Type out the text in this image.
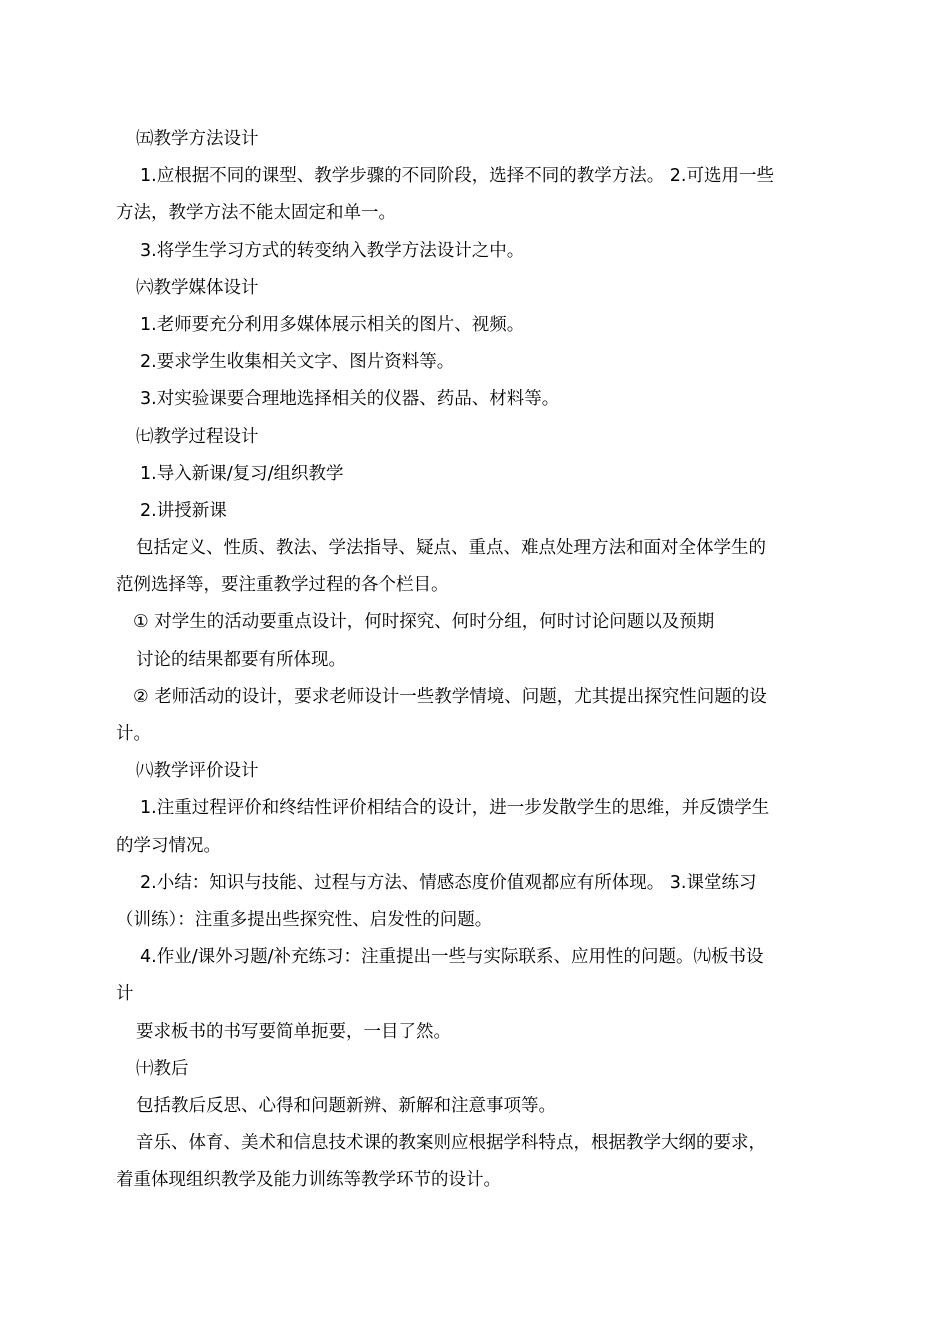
㈤教学方法设计
1.应根据不同的课型、教学步骤的不同阶段，选择不同的教学方法。 2.可选用一些
方法，教学方法不能太固定和单一。
3.将学生学习方式的转变纳入教学方法设计之中。
㈥教学媒体设计
1.老师要充分利用多媒体展示相关的图片、视频。
2.要求学生收集相关文字、图片资料等。
3.对实验课要合理地选择相关的仪器、药品、材料等。
㈦教学过程设计
1.导入新课/复习/组织教学
2.讲授新课
包括定义、性质、教法、学法指导、疑点、重点、难点处理方法和面对全体学生的
范例选择等，要注重教学过程的各个栏目。
① 对学生的活动要重点设计，何时探究、何时分组，何时讨论问题以及预期
讨论的结果都要有所体现。
② 老师活动的设计，要求老师设计一些教学情境、问题，尤其提出探究性问题的设
计。
㈧教学评价设计
1.注重过程评价和终结性评价相结合的设计，进一步发散学生的思维，并反馈学生
的学习情况。
2.小结：知识与技能、过程与方法、情感态度价值观都应有所体现。 3.课堂练习
（训练）：注重多提出些探究性、启发性的问题。
4.作业/课外习题/补充练习：注重提出一些与实际联系、应用性的问题。㈨板书设
计
要求板书的书写要简单扼要，一目了然。
㈩教后
包括教后反思、心得和问题新辨、新解和注意事项等。
音乐、体育、美术和信息技术课的教案则应根据学科特点，根据教学大纲的要求，
着重体现组织教学及能力训练等教学环节的设计。
